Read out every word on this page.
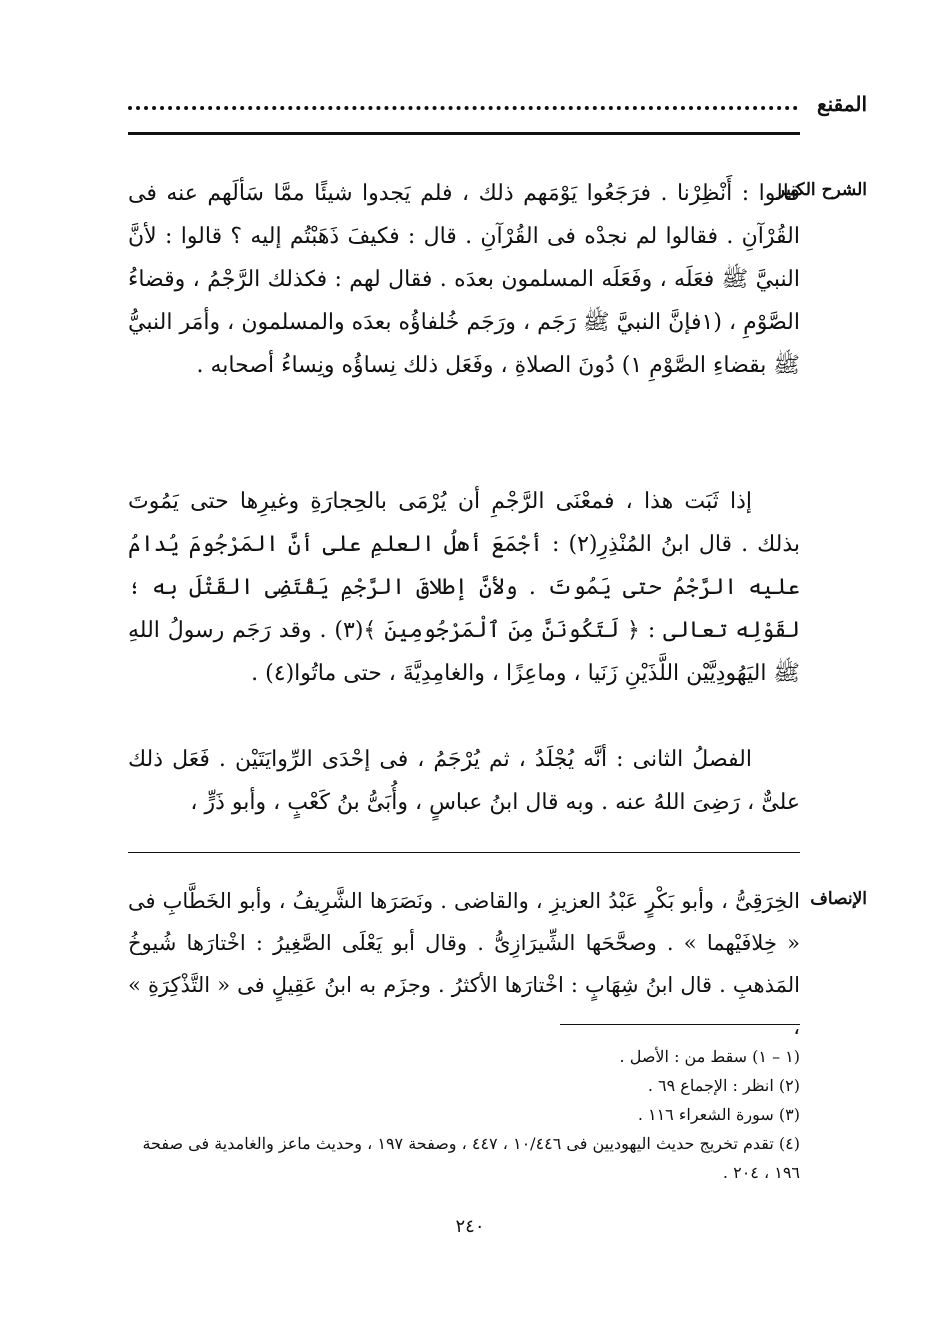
المقنع
الشرح الكبير

قالوا : أَنْظِرْنا . فرَجَعُوا يَوْمَهم ذلك ، فلم يَجدوا شيئًا ممَّا سَألَهم عنه فى القُرْآنِ . فقالوا لم نجدْه فى القُرْآنِ . قال : فكيفَ ذَهَبْتُم إليه ؟ قالوا : لأنَّ النبيَّ ﷺ فعَلَه ، وفَعَلَه المسلمون بعدَه . فقال لهم : فكذلك الرَّجْمُ ، وقضاءُ الصَّوْمِ ، (١فإنَّ النبيَّ ﷺ رَجَم ، ورَجَم خُلفاؤُه بعدَه والمسلمون ، وأمَر النبيُّ ﷺ بقضاءِ الصَّوْمِ ١) دُونَ الصلاةِ ، وفَعَل ذلك نِساؤُه ونِساءُ أصحابه .

إذا ثَبَت هذا ، فمعْنَى الرَّجْمِ أن يُرْمَى بالحِجارَةِ وغيرِها حتى يَمُوتَ بذلك . قال ابنُ المُنْذِرِ(٢) : أجْمَعَ أهلُ العلمِ على أنَّ المَرْجُومَ يُدامُ عليه الرَّجْمُ حتى يَمُوتَ . ولأنَّ إطلاقَ الرَّجْمِ يَقْتَضِى القَتْلَ به ؛ لقَوْلِه تعالى : ﴿ لَتَكُونَنَّ مِنَ ٱلْمَرْجُومِينَ ﴾(٣) . وقد رَجَم رسولُ اللهِ ﷺ اليَهُودِيَّيْن اللَّذَيْنِ زَنَيا ، وماعِزًا ، والغامِدِيَّةَ ، حتى ماتُوا(٤) .

الفصلُ الثانى : أنَّه يُجْلَدُ ، ثم يُرْجَمُ ، فى إحْدَى الرِّوايَتَيْن . فَعَل ذلك علىٌّ ، رَضِىَ اللهُ عنه . وبه قال ابنُ عباسٍ ، وأُبَىُّ بنُ كَعْبٍ ، وأبو ذَرٍّ ،

الإنصاف

الخِرَقِىُّ ، وأبو بَكْرٍ عَبْدُ العزيزِ ، والقاضى . ونَصَرَها الشَّرِيفُ ، وأبو الخَطَّابِ فى « خِلافَيْهما » . وصحَّحَها الشِّيرَازِىُّ . وقال أبو يَعْلَى الصَّغِيرُ : اخْتارَها شُيوخُ المَذهبِ . قال ابنُ شِهَابٍ : اخْتارَها الأكثرُ . وجزَم به ابنُ عَقِيلٍ فى « التَّذْكِرَةِ » ،

(١ – ١) سقط من : الأصل .

(٢) انظر : الإجماع ٦٩ .

(٣) سورة الشعراء ١١٦ .

(٤) تقدم تخريج حديث اليهوديين فى ١٠/٤٤٦ ، ٤٤٧ ، وصفحة ١٩٧ ، وحديث ماعز والغامدية فى صفحة ١٩٦ ، ٢٠٤ .

٢٤٠
